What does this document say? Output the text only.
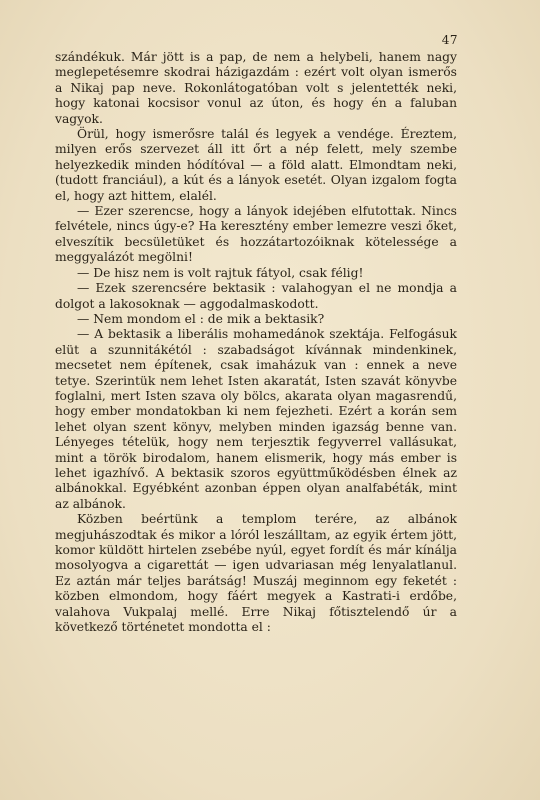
47

szándékuk. Már jött is a pap, de nem a helybeli, hanem nagy meglepetésemre skodrai házigazdám : ezért volt olyan ismerős a Nikaj pap neve. Rokonlátogatóban volt s jelentették neki, hogy katonai kocsisor vonul az úton, és hogy én a faluban vagyok.

Örül, hogy ismerősre talál és legyek a vendége. Éreztem, milyen erős szervezet áll itt őrt a nép felett, mely szembe helyezkedik minden hódítóval — a föld alatt. Elmondtam neki, (tudott franciául), a kút és a lányok esetét. Olyan izgalom fogta el, hogy azt hittem, elalél.

— Ezer szerencse, hogy a lányok idejében elfutottak. Nincs felvétele, nincs úgy-e? Ha keresztény ember lemezre veszi őket, elveszítik becsületüket és hozzátartozóiknak kötelessége a meggyalázót megölni!

— De hisz nem is volt rajtuk fátyol, csak félig!

— Ezek szerencsére bektasik : valahogyan el ne mondja a dolgot a lakosoknak — aggodalmaskodott.

— Nem mondom el : de mik a bektasik?

— A bektasik a liberális mohamedánok szektája. Felfogásuk elüt a szunnitákétól : szabadságot kívánnak mindenkinek, mecsetet nem építenek, csak imaházuk van : ennek a neve tetye. Szerintük nem lehet Isten akaratát, Isten szavát könyvbe foglalni, mert Isten szava oly bölcs, akarata olyan magasrendű, hogy ember mondatokban ki nem fejezheti. Ezért a korán sem lehet olyan szent könyv, melyben minden igazság benne van. Lényeges tételük, hogy nem terjesztik fegyverrel vallásukat, mint a török birodalom, hanem elismerik, hogy más ember is lehet igazhívő. A bektasik szoros együttműködésben élnek az albánokkal. Egyébként azonban éppen olyan analfabéták, mint az albánok.

Közben beértünk a templom terére, az albánok megjuhászodtak és mikor a lóról leszálltam, az egyik értem jött, komor küldött hirtelen zsebébe nyúl, egyet fordít és már kínálja mosolyogva a cigarettát — igen udvariasan még lenyalatlanul. Ez aztán már teljes barátság! Muszáj meginnom egy feketét : közben elmondom, hogy fáért megyek a Kastrati-i erdőbe, valahova Vukpalaj mellé. Erre Nikaj főtisztelendő úr a következő történetet mondotta el :
